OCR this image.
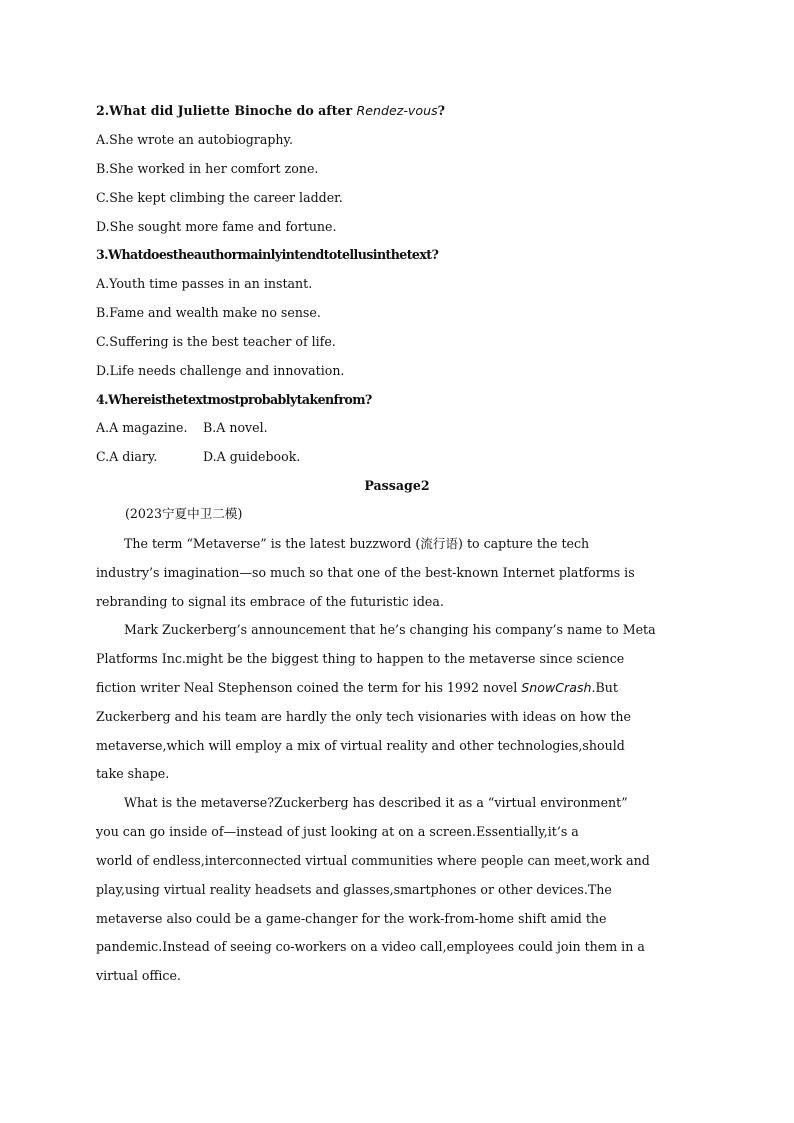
2.What did Juliette Binoche do after Rendez-vous?
A.She wrote an autobiography.
B.She worked in her comfort zone.
C.She kept climbing the career ladder.
D.She sought more fame and fortune.
3.Whatdoestheauthormainlyintendtotellusinthetext?
A.Youth time passes in an instant.
B.Fame and wealth make no sense.
C.Suffering is the best teacher of life.
D.Life needs challenge and innovation.
4.Whereisthetextmostprobablytakenfrom?
A.A magazine. B.A novel.
C.A diary.	D.A guidebook.
Passage2
(2023宁夏中卫二模)
The term “Metaverse” is the latest buzzword (流行语) to capture the tech
industry’s imagination—so much so that one of the best-known Internet platforms is
rebranding to signal its embrace of the futuristic idea.
Mark Zuckerberg’s announcement that he’s changing his company’s name to Meta
Platforms Inc.might be the biggest thing to happen to the metaverse since science
fiction writer Neal Stephenson coined the term for his 1992 novel SnowCrash.But
Zuckerberg and his team are hardly the only tech visionaries with ideas on how the
metaverse,which will employ a mix of virtual reality and other technologies,should
take shape.
What is the metaverse?Zuckerberg has described it as a “virtual environment”
you can go inside of—instead of just looking at on a screen.Essentially,it’s a
world of endless,interconnected virtual communities where people can meet,work and
play,using virtual reality headsets and glasses,smartphones or other devices.The
metaverse also could be a game-changer for the work-from-home shift amid the
pandemic.Instead of seeing co-workers on a video call,employees could join them in a
virtual office.
